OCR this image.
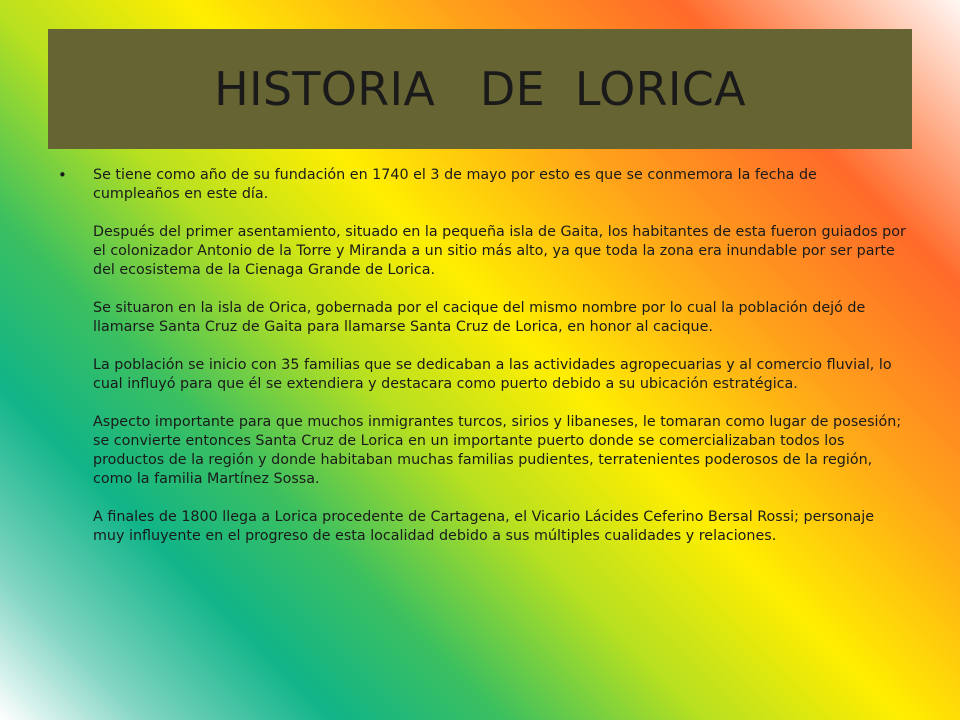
HISTORIA   DE  LORICA
• Se tiene como año de su fundación en 1740 el 3 de mayo por esto es que se conmemora la fecha de cumpleaños en este día.

Después del primer asentamiento, situado en la pequeña isla de Gaita, los habitantes de esta fueron guiados por el colonizador Antonio de la Torre y Miranda a un sitio más alto, ya que toda la zona era inundable por ser parte del ecosistema de la Cienaga Grande de Lorica.

Se situaron en la isla de Orica, gobernada por el cacique del mismo nombre por lo cual la población dejó de llamarse Santa Cruz de Gaita para llamarse Santa Cruz de Lorica, en honor al cacique.

La población se inicio con 35 familias que se dedicaban a las actividades agropecuarias y al comercio fluvial, lo cual influyó para que él se extendiera y destacara como puerto debido a su ubicación estratégica.

Aspecto importante para que muchos inmigrantes turcos, sirios y libaneses, le tomaran como lugar de posesión; se convierte entonces Santa Cruz de Lorica en un importante puerto donde se comercializaban todos los productos de la región y donde habitaban muchas familias pudientes, terratenientes poderosos de la región, como la familia Martínez Sossa.

A finales de 1800 llega a Lorica procedente de Cartagena, el Vicario Lácides Ceferino Bersal Rossi; personaje muy influyente en el progreso de esta localidad debido a sus múltiples cualidades y relaciones.
